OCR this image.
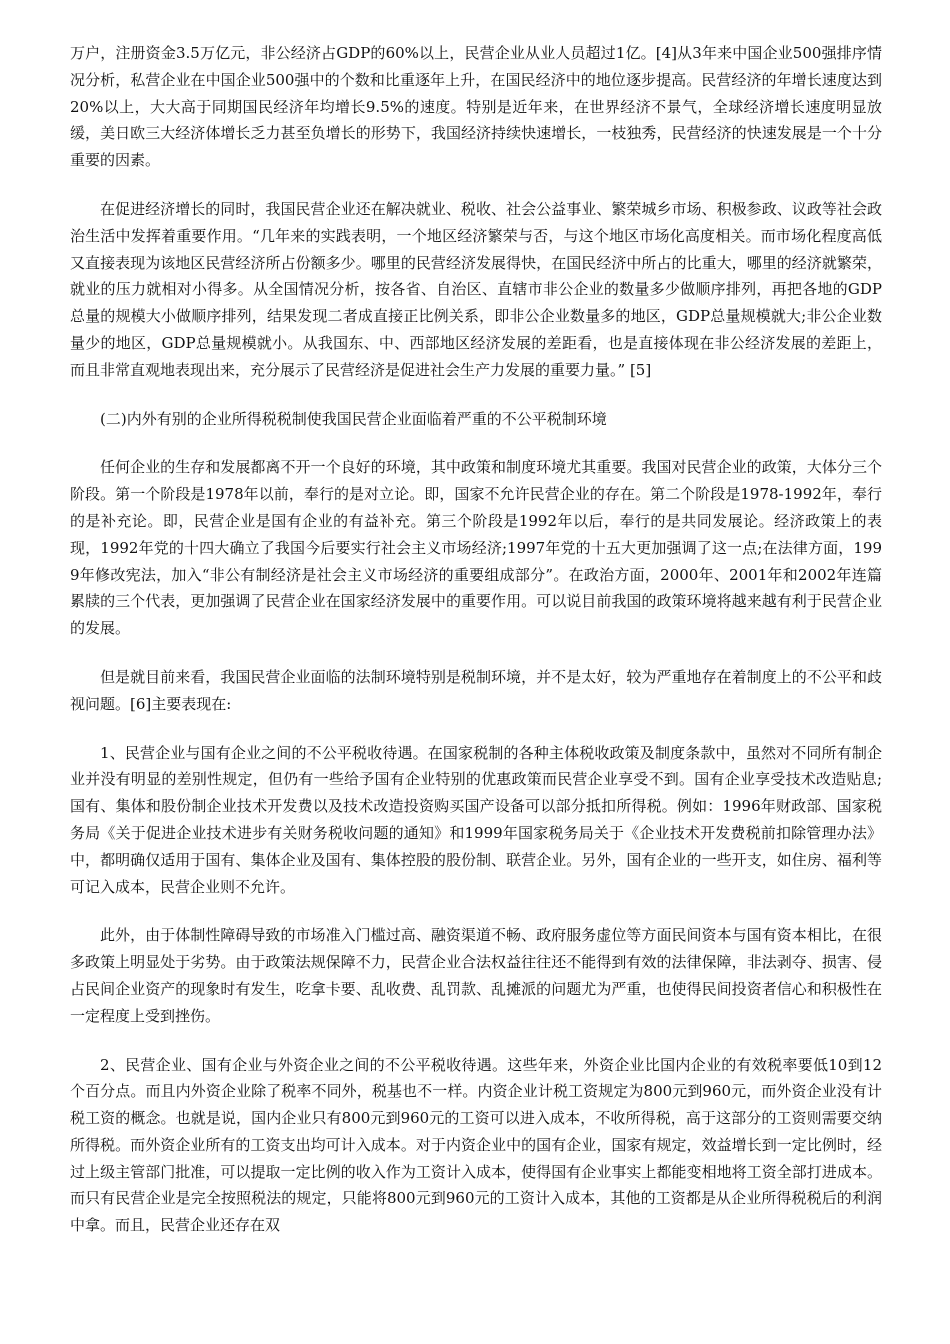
万户，注册资金3.5万亿元，非公经济占GDP的60%以上，民营企业从业人员超过1亿。[4]从3年来中国企业500强排序情况分析，私营企业在中国企业500强中的个数和比重逐年上升，在国民经济中的地位逐步提高。民营经济的年增长速度达到20%以上，大大高于同期国民经济年均增长9.5%的速度。特别是近年来，在世界经济不景气，全球经济增长速度明显放缓，美日欧三大经济体增长乏力甚至负增长的形势下，我国经济持续快速增长，一枝独秀，民营经济的快速发展是一个十分重要的因素。

在促进经济增长的同时，我国民营企业还在解决就业、税收、社会公益事业、繁荣城乡市场、积极参政、议政等社会政治生活中发挥着重要作用。“几年来的实践表明，一个地区经济繁荣与否，与这个地区市场化高度相关。而市场化程度高低又直接表现为该地区民营经济所占份额多少。哪里的民营经济发展得快，在国民经济中所占的比重大，哪里的经济就繁荣，就业的压力就相对小得多。从全国情况分析，按各省、自治区、直辖市非公企业的数量多少做顺序排列，再把各地的GDP总量的规模大小做顺序排列，结果发现二者成直接正比例关系，即非公企业数量多的地区，GDP总量规模就大;非公企业数量少的地区，GDP总量规模就小。从我国东、中、西部地区经济发展的差距看，也是直接体现在非公经济发展的差距上，而且非常直观地表现出来，充分展示了民营经济是促进社会生产力发展的重要力量。” [5]

(二)内外有别的企业所得税税制使我国民营企业面临着严重的不公平税制环境

任何企业的生存和发展都离不开一个良好的环境，其中政策和制度环境尤其重要。我国对民营企业的政策，大体分三个阶段。第一个阶段是1978年以前，奉行的是对立论。即，国家不允许民营企业的存在。第二个阶段是1978-1992年，奉行的是补充论。即，民营企业是国有企业的有益补充。第三个阶段是1992年以后，奉行的是共同发展论。经济政策上的表现，1992年党的十四大确立了我国今后要实行社会主义市场经济;1997年党的十五大更加强调了这一点;在法律方面，1999年修改宪法，加入“非公有制经济是社会主义市场经济的重要组成部分”。在政治方面，2000年、2001年和2002年连篇累牍的三个代表，更加强调了民营企业在国家经济发展中的重要作用。可以说目前我国的政策环境将越来越有利于民营企业的发展。

但是就目前来看，我国民营企业面临的法制环境特别是税制环境，并不是太好，较为严重地存在着制度上的不公平和歧视问题。[6]主要表现在:

1、民营企业与国有企业之间的不公平税收待遇。在国家税制的各种主体税收政策及制度条款中，虽然对不同所有制企业并没有明显的差别性规定，但仍有一些给予国有企业特别的优惠政策而民营企业享受不到。国有企业享受技术改造贴息;国有、集体和股份制企业技术开发费以及技术改造投资购买国产设备可以部分抵扣所得税。例如：1996年财政部、国家税务局《关于促进企业技术进步有关财务税收问题的通知》和1999年国家税务局关于《企业技术开发费税前扣除管理办法》中，都明确仅适用于国有、集体企业及国有、集体控股的股份制、联营企业。另外，国有企业的一些开支，如住房、福利等可记入成本，民营企业则不允许。

此外，由于体制性障碍导致的市场准入门槛过高、融资渠道不畅、政府服务虚位等方面民间资本与国有资本相比，在很多政策上明显处于劣势。由于政策法规保障不力，民营企业合法权益往往还不能得到有效的法律保障，非法剥夺、损害、侵占民间企业资产的现象时有发生，吃拿卡要、乱收费、乱罚款、乱摊派的问题尤为严重，也使得民间投资者信心和积极性在一定程度上受到挫伤。

2、民营企业、国有企业与外资企业之间的不公平税收待遇。这些年来，外资企业比国内企业的有效税率要低10到12个百分点。而且内外资企业除了税率不同外，税基也不一样。内资企业计税工资规定为800元到960元，而外资企业没有计税工资的概念。也就是说，国内企业只有800元到960元的工资可以进入成本，不收所得税，高于这部分的工资则需要交纳所得税。而外资企业所有的工资支出均可计入成本。对于内资企业中的国有企业，国家有规定，效益增长到一定比例时，经过上级主管部门批准，可以提取一定比例的收入作为工资计入成本，使得国有企业事实上都能变相地将工资全部打进成本。而只有民营企业是完全按照税法的规定，只能将800元到960元的工资计入成本，其他的工资都是从企业所得税税后的利润中拿。而且，民营企业还存在双
